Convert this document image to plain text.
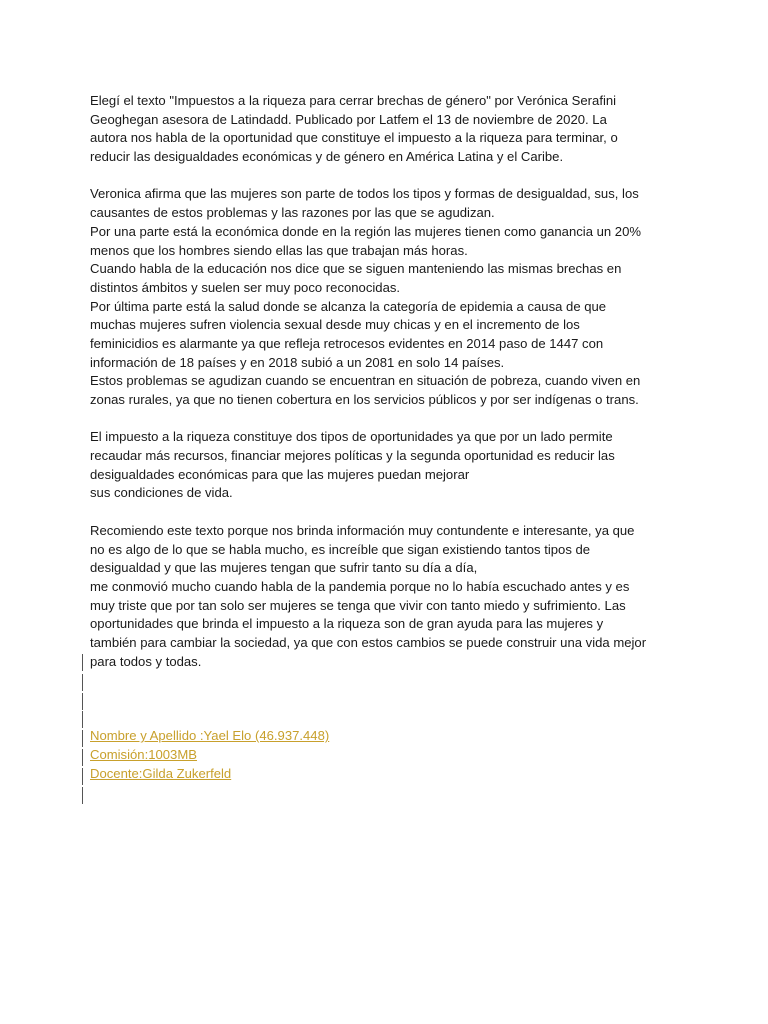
Elegí el texto "Impuestos a la riqueza para cerrar brechas de género" por Verónica Serafini
Geoghegan asesora de Latindadd. Publicado por Latfem el 13 de noviembre de 2020. La
autora nos habla de la oportunidad que constituye el impuesto a la riqueza para terminar, o
reducir las desigualdades económicas y de género en América Latina y el Caribe.
Veronica afirma que las mujeres son parte de todos los tipos y formas de desigualdad, sus, los
causantes de estos problemas y las razones por las que se agudizan.
Por una parte está la económica donde en la región las mujeres tienen como ganancia un 20%
menos que los hombres siendo ellas las que trabajan más horas.
Cuando habla de la educación nos dice que se siguen manteniendo las mismas brechas en
distintos ámbitos y suelen ser muy poco reconocidas.
Por última parte está la salud donde se alcanza la categoría de epidemia a causa de que
muchas mujeres sufren violencia sexual desde muy chicas y en el incremento de los
feminicidios es alarmante ya que refleja retrocesos evidentes en 2014 paso de 1447 con
información de 18 países y en 2018 subió a un 2081 en solo 14 países.
Estos problemas se agudizan cuando se encuentran en situación de pobreza, cuando viven en
zonas rurales, ya que no tienen cobertura en los servicios públicos y por ser indígenas o trans.
El impuesto a la riqueza constituye dos tipos de oportunidades ya que por un lado permite
recaudar más recursos, financiar mejores políticas y la segunda oportunidad es reducir las
desigualdades económicas para que las mujeres puedan mejorar
sus condiciones de vida.
Recomiendo este texto porque nos brinda información muy contundente e interesante, ya que
no es algo de lo que se habla mucho, es increíble que sigan existiendo tantos tipos de
desigualdad y que las mujeres tengan que sufrir tanto su día a día,
me conmovió mucho cuando habla de la pandemia porque no lo había escuchado antes y es
muy triste que por tan solo ser mujeres se tenga que vivir con tanto miedo y sufrimiento. Las
oportunidades que brinda el impuesto a la riqueza son de gran ayuda para las mujeres y
también para cambiar la sociedad, ya que con estos cambios se puede construir una vida mejor
para todos y todas.
Nombre y Apellido :Yael Elo (46.937.448)
Comisión:1003MB
Docente:Gilda Zukerfeld
